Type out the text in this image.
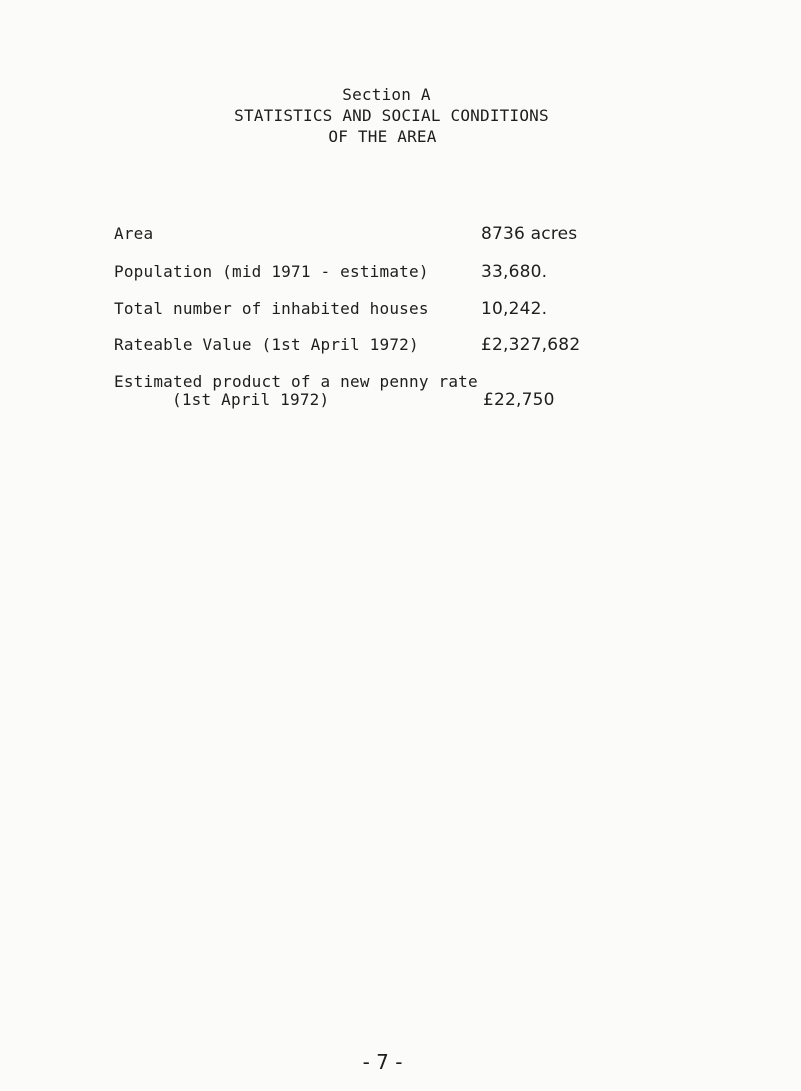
Section A
STATISTICS AND SOCIAL CONDITIONS
OF THE AREA
Area	8736 acres
Population (mid 1971 - estimate)	33,680.
Total number of inhabited houses	10,242.
Rateable Value (1st April 1972)	£2,327,682
Estimated product of a new penny rate
(1st April 1972)	£22,750
- 7 -
